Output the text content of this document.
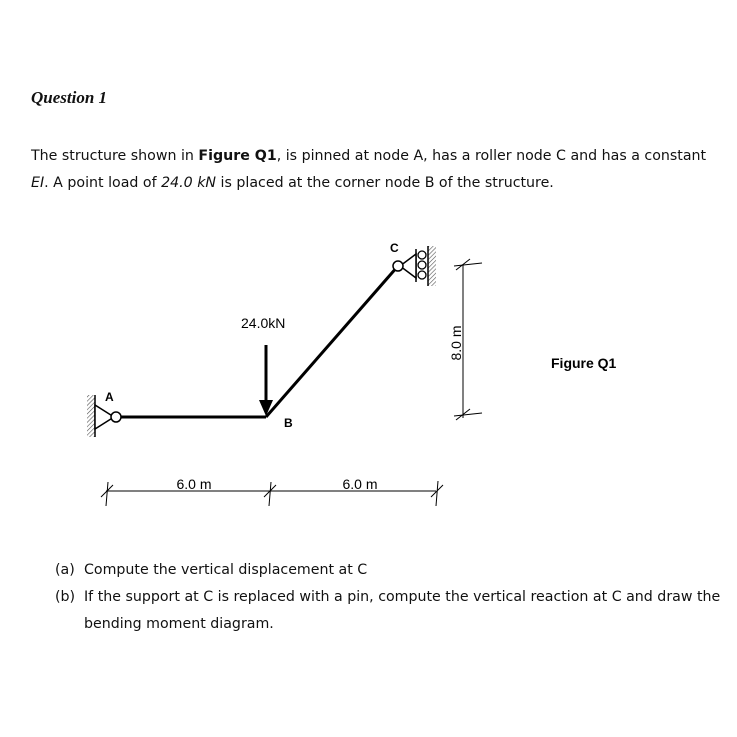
Question 1
The structure shown in Figure Q1, is pinned at node A, has a roller node C and has a constant EI. A point load of 24.0 kN is placed at the corner node B of the structure.
A
C
24.0kN
B
8.0 m
6.0 m	6.0 m
Figure Q1
(a) Compute the vertical displacement at C
(b) If the support at C is replaced with a pin, compute the vertical reaction at C and draw the bending moment diagram.
